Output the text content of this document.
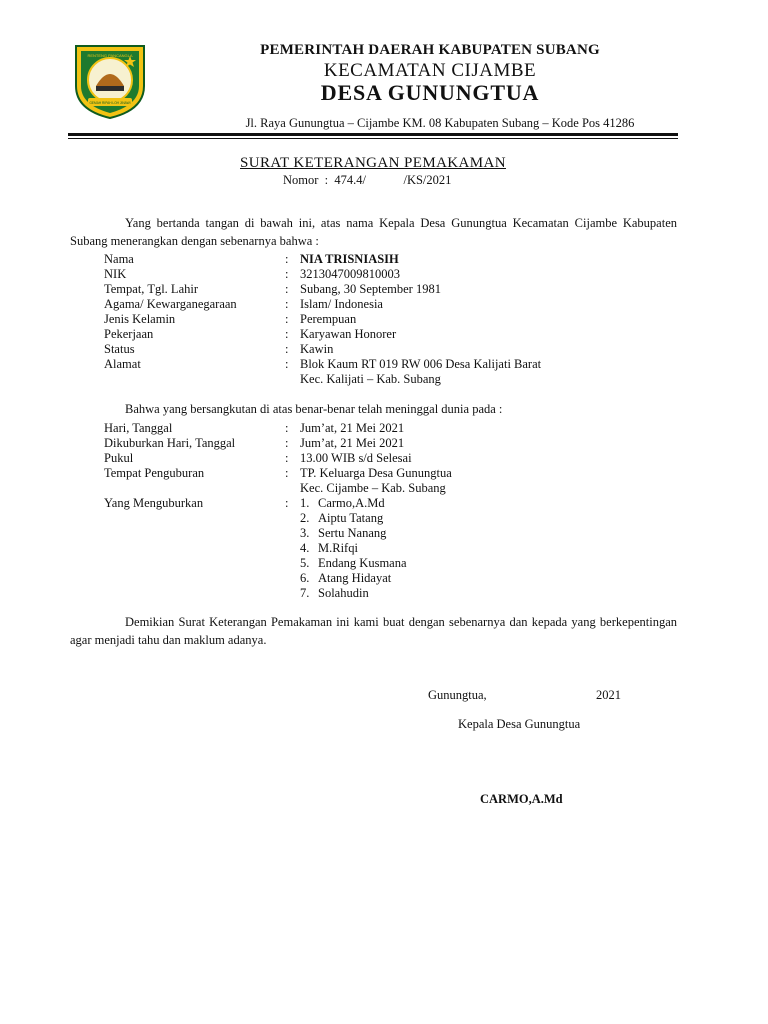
RENTENG PANCANGLA
GEMAH RIPAH LOH JINAWI
PEMERINTAH DAERAH KABUPATEN SUBANG
KECAMATAN CIJAMBE
DESA GUNUNGTUA
Jl. Raya Gunungtua – Cijambe KM. 08 Kabupaten Subang – Kode Pos 41286
SURAT KETERANGAN PEMAKAMAN
Nomor  :  474.4/            /KS/2021
Yang bertanda tangan di bawah ini, atas nama Kepala Desa Gunungtua Kecamatan Cijambe Kabupaten Subang menerangkan dengan sebenarnya bahwa :
Nama	: NIA TRISNIASIH
NIK	: 3213047009810003
Tempat, Tgl. Lahir	: Subang, 30 September 1981
Agama/ Kewarganegaraan	: Islam/ Indonesia
Jenis Kelamin	: Perempuan
Pekerjaan	: Karyawan Honorer
Status	: Kawin
Alamat	: Blok Kaum RT 019 RW 006 Desa Kalijati Barat
Kec. Kalijati – Kab. Subang
Bahwa yang bersangkutan di atas benar-benar telah meninggal dunia pada :
Hari, Tanggal	: Jum’at, 21 Mei 2021
Dikuburkan Hari, Tanggal	: Jum’at, 21 Mei 2021
Pukul	: 13.00 WIB s/d Selesai
Tempat Penguburan	: TP. Keluarga Desa Gunungtua
Kec. Cijambe – Kab. Subang
Yang Menguburkan	: 1. Carmo,A.Md
2. Aiptu Tatang
3. Sertu Nanang
4. M.Rifqi
5. Endang Kusmana
6. Atang Hidayat
7. Solahudin
Demikian Surat Keterangan Pemakaman ini kami buat dengan sebenarnya dan kepada yang berkepentingan agar menjadi tahu dan maklum adanya.
Gunungtua,	2021
Kepala Desa Gunungtua
CARMO,A.Md
